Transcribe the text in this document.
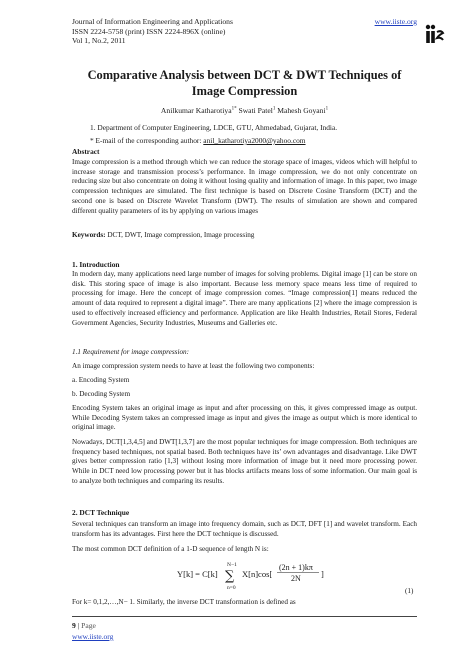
Journal of Information Engineering and Applications
ISSN 2224-5758 (print) ISSN 2224-896X (online)
Vol 1, No.2, 2011
www.iiste.org
Comparative Analysis between DCT & DWT Techniques of
Image Compression
Anilkumar Katharotiya$^{1*}$ Swati Patel$^1$ Mahesh Goyani$^1$
1. Department of Computer Engineering, LDCE, GTU, Ahmedabad, Gujarat, India.
* E-mail of the corresponding author: anil_katharotiya2000@yahoo.com
Abstract
Image compression is a method through which we can reduce the storage space of images, videos which will helpful to increase storage and transmission process’s performance. In image compression, we do not only concentrate on reducing size but also concentrate on doing it without losing quality and information of image. In this paper, two image compression techniques are simulated. The first technique is based on Discrete Cosine Transform (DCT) and the second one is based on Discrete Wavelet Transform (DWT). The results of simulation are shown and compared different quality parameters of its by applying on various images
Keywords: DCT, DWT, Image compression, Image processing
1. Introduction
In modern day, many applications need large number of images for solving problems. Digital image [1] can be store on disk. This storing space of image is also important. Because less memory space means less time of required to processing for image. Here the concept of image compression comes. “Image compression[1] means reduced the amount of data required to represent a digital image”. There are many applications [2] where the image compression is used to effectively increased efficiency and performance. Application are like Health Industries, Retail Stores, Federal Government Agencies, Security Industries, Museums and Galleries etc.
1.1 Requirement for image compression:
An image compression system needs to have at least the following two components:
a. Encoding System
b. Decoding System
Encoding System takes an original image as input and after processing on this, it gives compressed image as output. While Decoding System takes an compressed image as input and gives the image as output which is more identical to original image.
Nowadays, DCT[1,3,4,5] and DWT[1,3,7] are the most popular techniques for image compression. Both techniques are frequency based techniques, not spatial based. Both techniques have its’ own advantages and disadvantage. Like DWT gives better compression ratio [1,3] without losing more information of image but it need more processing power. While in DCT need low processing power but it has blocks artifacts means loss of some information. Our main goal is to analyze both techniques and comparing its results.
2. DCT Technique
Several techniques can transform an image into frequency domain, such as DCT, DFT [1] and wavelet transform. Each transform has its advantages. First here the DCT technique is discussed.
The most common DCT definition of a 1-D sequence of length N is:
Y[k] = C[k]
N−1
∑
n=0
X[n]cos[
(2n + 1)kπ
2N ]
(1)
For k= 0,1,2,…,N− 1. Similarly, the inverse DCT transformation is defined as
9 | Page
www.iiste.org
